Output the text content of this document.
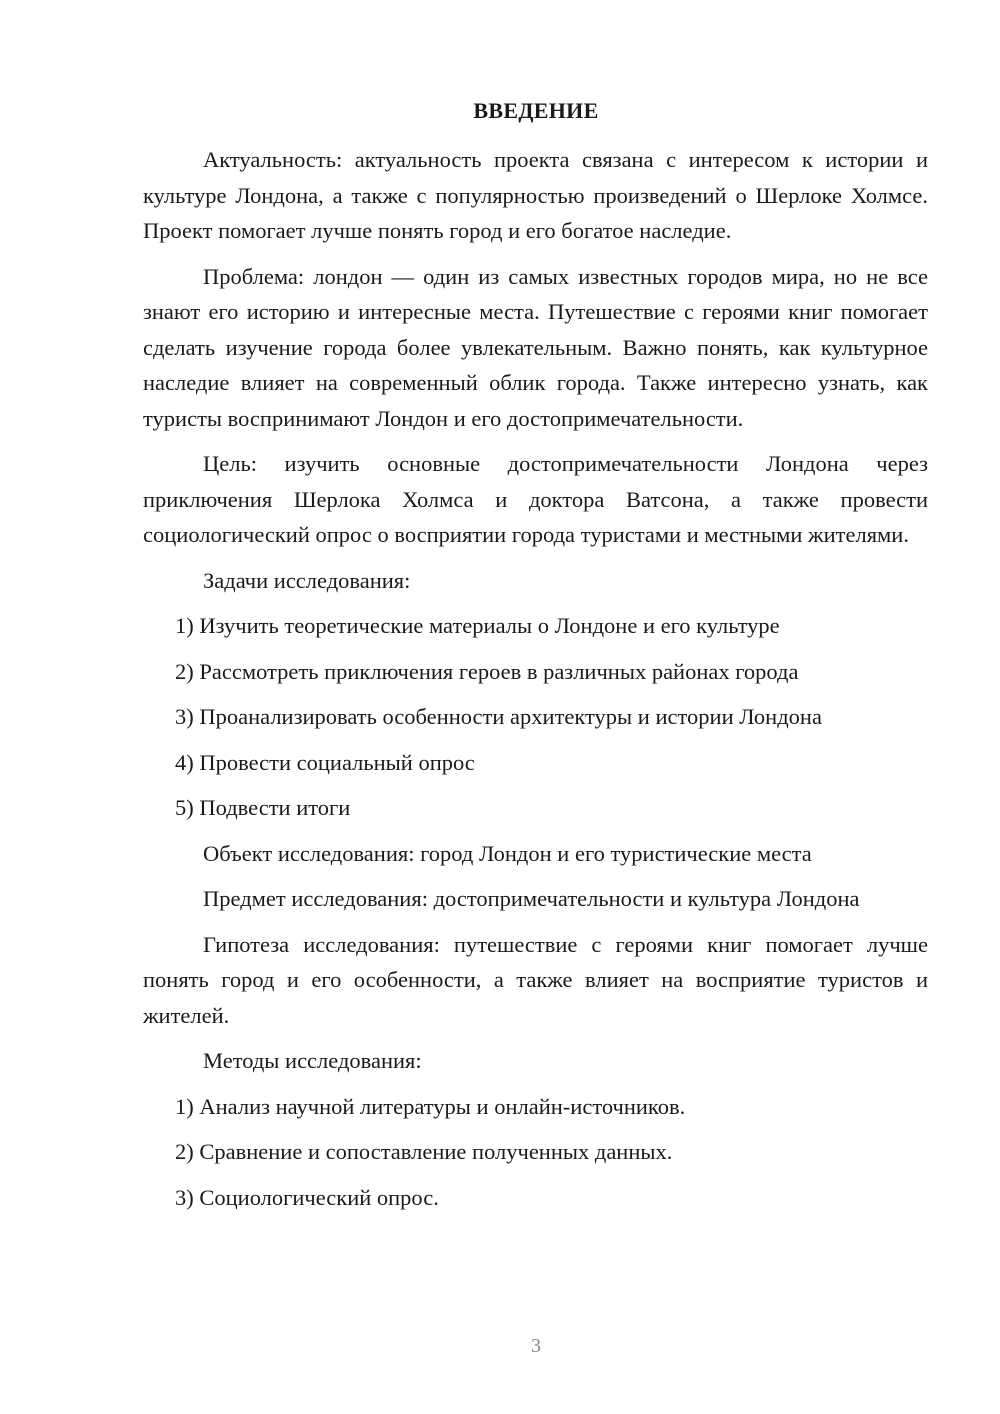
ВВЕДЕНИЕ

Актуальность: актуальность проекта связана с интересом к истории и культуре Лондона, а также с популярностью произведений о Шерлоке Холмсе. Проект помогает лучше понять город и его богатое наследие.

Проблема: лондон — один из самых известных городов мира, но не все знают его историю и интересные места. Путешествие с героями книг помогает сделать изучение города более увлекательным. Важно понять, как культурное наследие влияет на современный облик города. Также интересно узнать, как туристы воспринимают Лондон и его достопримечательности.

Цель: изучить основные достопримечательности Лондона через приключения Шерлока Холмса и доктора Ватсона, а также провести социологический опрос о восприятии города туристами и местными жителями.

Задачи исследования:

1) Изучить теоретические материалы о Лондоне и его культуре

2) Рассмотреть приключения героев в различных районах города

3) Проанализировать особенности архитектуры и истории Лондона

4) Провести социальный опрос

5) Подвести итоги

Объект исследования: город Лондон и его туристические места

Предмет исследования: достопримечательности и культура Лондона

Гипотеза исследования: путешествие с героями книг помогает лучше понять город и его особенности, а также влияет на восприятие туристов и жителей.

Методы исследования:

1) Анализ научной литературы и онлайн-источников.

2) Сравнение и сопоставление полученных данных.

3) Социологический опрос.

3
